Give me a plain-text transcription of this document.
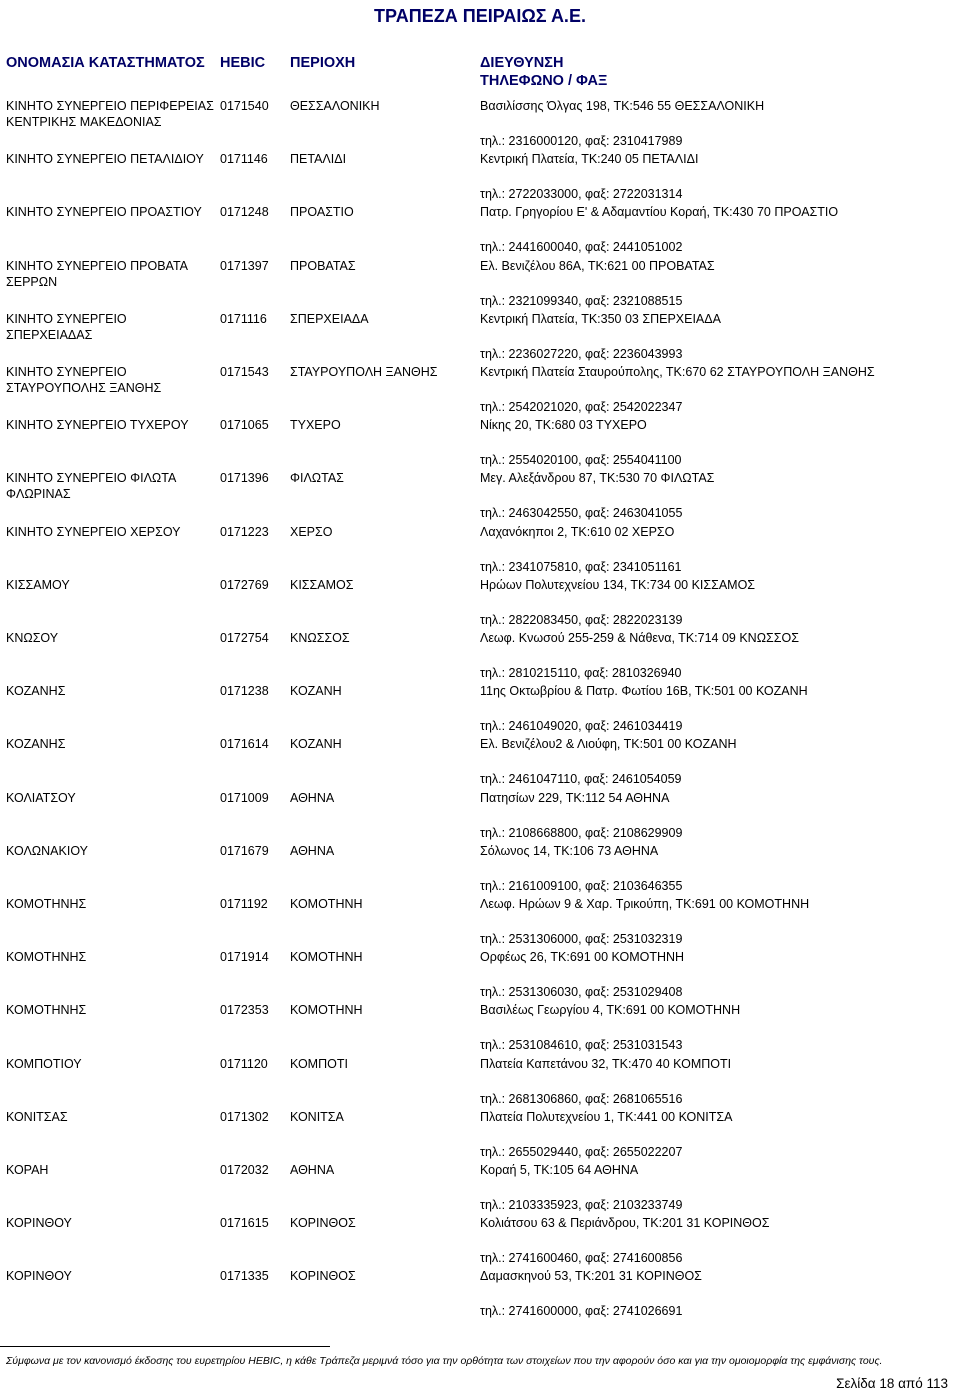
ΤΡΑΠΕΖΑ ΠΕΙΡΑΙΩΣ Α.Ε.
ΟΝΟΜΑΣΙΑ ΚΑΤΑΣΤΗΜΑΤΟΣ	HEBIC ΠΕΡΙΟΧΗ	ΔΙΕΥΘΥΝΣΗ ΤΗΛΕΦΩΝΟ / ΦΑΞ
ΚΙΝΗΤΟ ΣΥΝΕΡΓΕΙΟ ΠΕΡΙΦΕΡΕΙΑΣ ΚΕΝΤΡΙΚΗΣ ΜΑΚΕΔΟΝΙΑΣ
0171540 ΘΕΣΣΑΛΟΝΙΚΗ	Βασιλίσσης Όλγας 198, ΤΚ:546 55 ΘΕΣΣΑΛΟΝΙΚΗ
τηλ.: 2316000120, φαξ: 2310417989
ΚΙΝΗΤΟ ΣΥΝΕΡΓΕΙΟ ΠΕΤΑΛΙΔΙΟΥ	0171146 ΠΕΤΑΛΙΔΙ	Κεντρική Πλατεία, ΤΚ:240 05 ΠΕΤΑΛΙΔΙ
τηλ.: 2722033000, φαξ: 2722031314
ΚΙΝΗΤΟ ΣΥΝΕΡΓΕΙΟ ΠΡΟΑΣΤΙΟΥ	0171248 ΠΡΟΑΣΤΙΟ	Πατρ. Γρηγορίου Ε' & Αδαμαντίου Κοραή, ΤΚ:430 70 ΠΡΟΑΣΤΙΟ
τηλ.: 2441600040, φαξ: 2441051002
ΚΙΝΗΤΟ ΣΥΝΕΡΓΕΙΟ ΠΡΟΒΑΤΑ ΣΕΡΡΩΝ
0171397 ΠΡΟΒΑΤΑΣ	Ελ. Βενιζέλου 86Α, ΤΚ:621 00 ΠΡΟΒΑΤΑΣ
τηλ.: 2321099340, φαξ: 2321088515
ΚΙΝΗΤΟ ΣΥΝΕΡΓΕΙΟ ΣΠΕΡΧΕΙΑΔΑΣ
0171116 ΣΠΕΡΧΕΙΑΔΑ	Κεντρική Πλατεία, ΤΚ:350 03 ΣΠΕΡΧΕΙΑΔΑ
τηλ.: 2236027220, φαξ: 2236043993
ΚΙΝΗΤΟ ΣΥΝΕΡΓΕΙΟ ΣΤΑΥΡΟΥΠΟΛΗΣ ΞΑΝΘΗΣ
0171543 ΣΤΑΥΡΟΥΠΟΛΗ ΞΑΝΘΗΣ	Κεντρική Πλατεία Σταυρούπολης, ΤΚ:670 62 ΣΤΑΥΡΟΥΠΟΛΗ ΞΑΝΘΗΣ
τηλ.: 2542021020, φαξ: 2542022347
ΚΙΝΗΤΟ ΣΥΝΕΡΓΕΙΟ ΤΥΧΕΡΟΥ	0171065 ΤΥΧΕΡΟ	Νίκης 20, ΤΚ:680 03 ΤΥΧΕΡΟ
τηλ.: 2554020100, φαξ: 2554041100
ΚΙΝΗΤΟ ΣΥΝΕΡΓΕΙΟ ΦΙΛΩΤΑ ΦΛΩΡΙΝΑΣ
0171396 ΦΙΛΩΤΑΣ	Μεγ. Αλεξάνδρου 87, ΤΚ:530 70 ΦΙΛΩΤΑΣ
τηλ.: 2463042550, φαξ: 2463041055
ΚΙΝΗΤΟ ΣΥΝΕΡΓΕΙΟ ΧΕΡΣΟΥ	0171223 ΧΕΡΣΟ	Λαχανόκηποι 2, ΤΚ:610 02 ΧΕΡΣΟ
τηλ.: 2341075810, φαξ: 2341051161
ΚΙΣΣΑΜΟΥ	0172769 ΚΙΣΣΑΜΟΣ	Ηρώων Πολυτεχνείου 134, ΤΚ:734 00 ΚΙΣΣΑΜΟΣ
τηλ.: 2822083450, φαξ: 2822023139
ΚΝΩΣΟΥ	0172754 ΚΝΩΣΣΟΣ	Λεωφ. Κνωσού 255-259 & Νάθενα, ΤΚ:714 09 ΚΝΩΣΣΟΣ
τηλ.: 2810215110, φαξ: 2810326940
ΚΟΖΑΝΗΣ	0171238 ΚΟΖΑΝΗ	11ης Οκτωβρίου & Πατρ. Φωτίου 16Β, ΤΚ:501 00 ΚΟΖΑΝΗ
τηλ.: 2461049020, φαξ: 2461034419
ΚΟΖΑΝΗΣ	0171614 ΚΟΖΑΝΗ	Ελ. Βενιζέλου2 & Λιούφη, ΤΚ:501 00 ΚΟΖΑΝΗ
τηλ.: 2461047110, φαξ: 2461054059
ΚΟΛΙΑΤΣΟΥ	0171009 ΑΘΗΝΑ	Πατησίων 229, ΤΚ:112 54 ΑΘΗΝΑ
τηλ.: 2108668800, φαξ: 2108629909
ΚΟΛΩΝΑΚΙΟΥ	0171679 ΑΘΗΝΑ	Σόλωνος 14, ΤΚ:106 73 ΑΘΗΝΑ
τηλ.: 2161009100, φαξ: 2103646355
ΚΟΜΟΤΗΝΗΣ	0171192 ΚΟΜΟΤΗΝΗ	Λεωφ. Ηρώων 9 & Χαρ. Τρικούπη, ΤΚ:691 00 ΚΟΜΟΤΗΝΗ
τηλ.: 2531306000, φαξ: 2531032319
ΚΟΜΟΤΗΝΗΣ	0171914 ΚΟΜΟΤΗΝΗ	Ορφέως 26, ΤΚ:691 00 ΚΟΜΟΤΗΝΗ
τηλ.: 2531306030, φαξ: 2531029408
ΚΟΜΟΤΗΝΗΣ	0172353 ΚΟΜΟΤΗΝΗ	Βασιλέως Γεωργίου 4, ΤΚ:691 00 ΚΟΜΟΤΗΝΗ
τηλ.: 2531084610, φαξ: 2531031543
ΚΟΜΠΟΤΙΟΥ	0171120 ΚΟΜΠΟΤΙ	Πλατεία Καπετάνου 32, ΤΚ:470 40 ΚΟΜΠΟΤΙ
τηλ.: 2681306860, φαξ: 2681065516
ΚΟΝΙΤΣΑΣ	0171302 ΚΟΝΙΤΣΑ	Πλατεία Πολυτεχνείου 1, ΤΚ:441 00 ΚΟΝΙΤΣΑ
τηλ.: 2655029440, φαξ: 2655022207
ΚΟΡΑΗ	0172032 ΑΘΗΝΑ	Κοραή 5, ΤΚ:105 64 ΑΘΗΝΑ
τηλ.: 2103335923, φαξ: 2103233749
ΚΟΡΙΝΘΟΥ	0171615 ΚΟΡΙΝΘΟΣ	Κολιάτσου 63 & Περιάνδρου, ΤΚ:201 31 ΚΟΡΙΝΘΟΣ
τηλ.: 2741600460, φαξ: 2741600856
ΚΟΡΙΝΘΟΥ	0171335 ΚΟΡΙΝΘΟΣ	Δαμασκηνού 53, ΤΚ:201 31 ΚΟΡΙΝΘΟΣ
τηλ.: 2741600000, φαξ: 2741026691
Σύμφωνα με τον κανονισμό έκδοσης του ευρετηρίου HEBIC, η κάθε Τράπεζα μεριμνά τόσο για την ορθότητα των στοιχείων που την αφορούν όσο και για την ομοιομορφία της εμφάνισης τους.
Σελίδα 18 από 113
